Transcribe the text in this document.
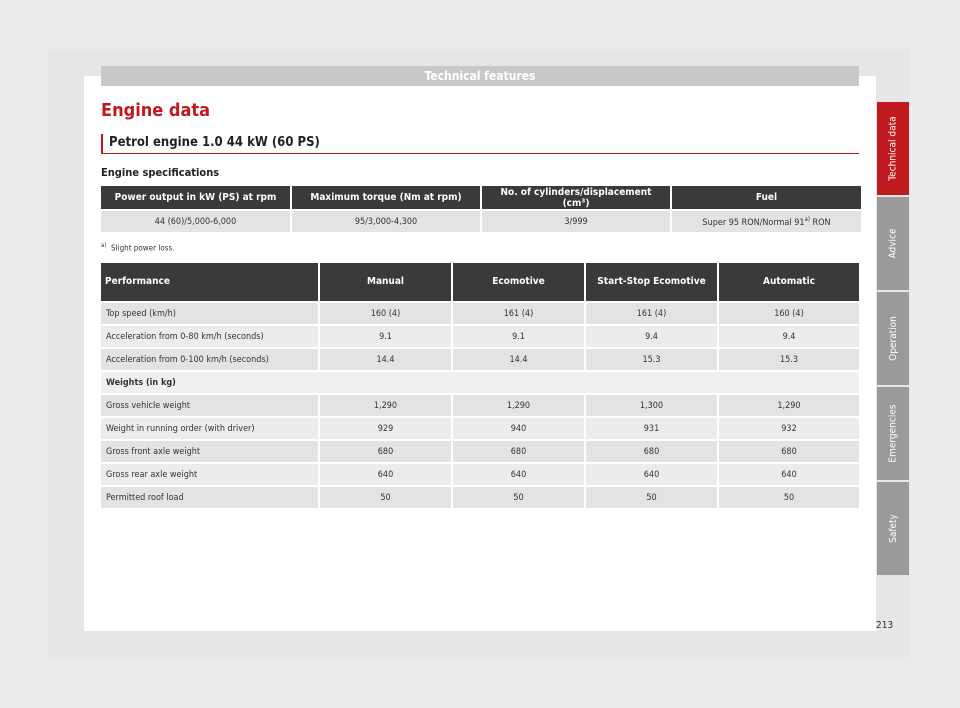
Technical features
Engine data
Petrol engine 1.0 44 kW (60 PS)
Engine specifications
Power output in kW (PS) at rpm	Maximum torque (Nm at rpm)	No. of cylinders/displacement (cm³)	Fuel
44 (60)/5,000-6,000	95/3,000-4,300	3/999	Super 95 RON/Normal 91$^{a)}$ RON
$^{a)}$ Slight power loss.
Performance	Manual	Ecomotive	Start-Stop Ecomotive	Automatic
Top speed (km/h)	160 (4)	161 (4)	161 (4)	160 (4)
Acceleration from 0-80 km/h (seconds)	9.1	9.1	9.4	9.4
Acceleration from 0-100 km/h (seconds)	14.4	14.4	15.3	15.3
Weights (in kg)				
Gross vehicle weight	1,290	1,290	1,300	1,290
Weight in running order (with driver)	929	940	931	932
Gross front axle weight	680	680	680	680
Gross rear axle weight	640	640	640	640
Permitted roof load	50	50	50	50
Technical data
Advice
Operation
Emergencies
Safety
213
